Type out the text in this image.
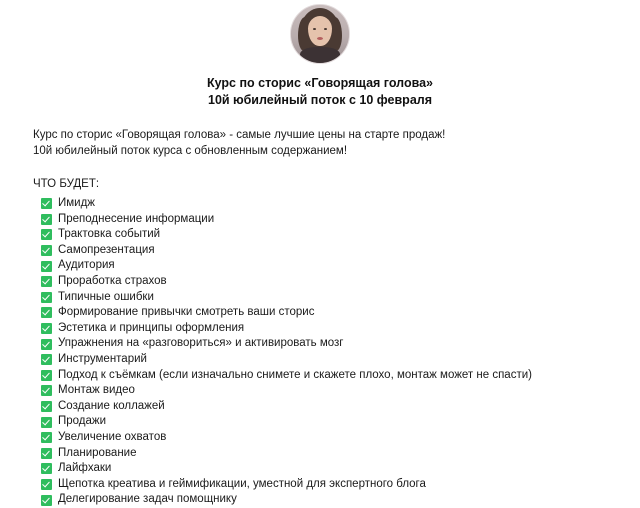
Курс по сторис «Говорящая голова»
10й юбилейный поток с 10 февраля
Курс по сторис «Говорящая голова» - самые лучшие цены на старте продаж!
10й юбилейный поток курса с обновленным содержанием!
ЧТО БУДЕТ:
Имидж
Преподнесение информации
Трактовка событий
Самопрезентация
Аудитория
Проработка страхов
Типичные ошибки
Формирование привычки смотреть ваши сторис
Эстетика и принципы оформления
Упражнения на «разговориться» и активировать мозг
Инструментарий
Подход к съёмкам (если изначально снимете и скажете плохо, монтаж может не спасти)
Монтаж видео
Создание коллажей
Продажи
Увеличение охватов
Планирование
Лайфхаки
Щепотка креатива и геймификации, уместной для экспертного блога
Делегирование задач помощнику
